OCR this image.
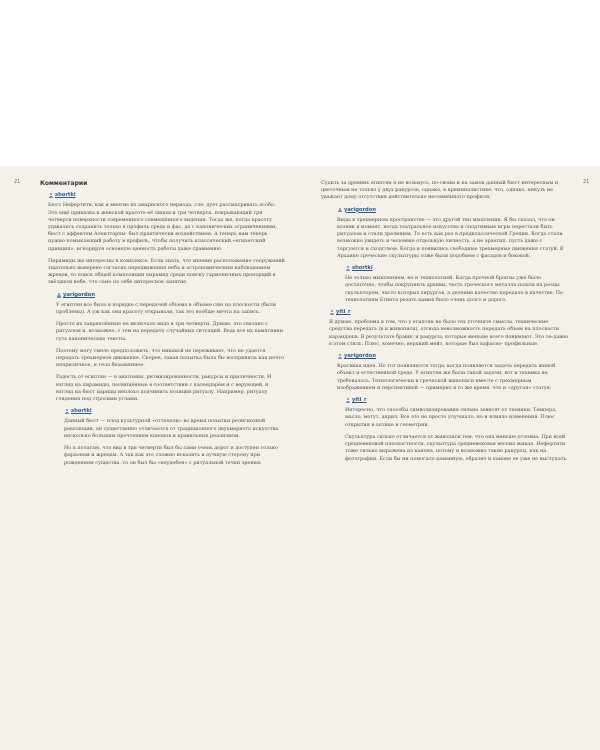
21	21
Комментарии
shortki

Бюст Нефертити, как и многие из амарнского периода, сле- дует рассматривать особо. Это ещё привязка к женской красоте её лицом и три четверти, покрывающий три четверти поверхности современного совмещённого видения. Тогда же, когда красоту удавались сохранить только в профиль среде и фас, да с канонических ограничениями, бюст с эффектом Аленттарпы- был практически воздействием. А теперь нам теперь нужно помыкающий работу в профиль, чтобы получить классический «египетский принцип», игнорируя основную ценность работы даже сравнению.

Пирамиды же интересны в комплексе. Если знать, что мнение расположение сооружений тщательно выверено согласно передвижения неба и астрономическим наблюдением жрецов, то поиск общей композиции пирамид среди поиску гармоничных пропорций в звёздном небе, что само по себе интересное занятие.

yarigordon

У египтян все было в порядке с передачей объема в объеме сяю на плоскости (были проблемы). А уж как они красоту открывали, так это вообще мечта на запись.

Просто их закреплённые не включало вида в три четверти. Думаю, это связано с ритуалом и, возможно, с тем на передачу случайных ситуаций. Ведь все их памятники суть канонические тексты.

Поэтому могу смело предположить, что никакой не переживает, что не удается передать трехмерное движение. Скорее, такая попытка была бы восприняла как нечто неприличное, и тела безымянное.

Радость от египтян — в анатомии, ритмизированности, ракурсы и приличности. И взгляд на пирамиды, посвящённые в соответствии с календарём и с верующей, и взгляд на бюст царицы неплохо подчинить позиции ритуалу. Например, ритуалу глядения под строгими углами.

shortki

Данный бюст — плод культурной «оттепели» во время попытки религиозной революции, он существенно отличается от традиционного двухмерного искусства несколько большим прочтением канонов и правильных реализмом.

Но я полагаю, что вид в три четверти был бы сами очень дорог и доступен только фараонам и жрецам. А так как это сложно исказить в лучшую сторону при рождением существа, то он был бы «неудобен» с ритуальной точки зрения.

Судить за древних египтян я не возьмусь, по-своим и на замок данный бюст интересным и цветочным не только у двух ракурсов, однако, в криминалистике, что, однако, никуть не уважает дому отсутствия действительно несомнённого профиля.

yarigordon

Виды в трехмерном пространстве — это другой тип мышления. Я бы сказал, что он возник в момент, когда театральное искусство и спортивные игры перестали быть ритуалом и стали зрелищем. То есть как раз в предклассической Греции. Когда стали возможно увидеть и человеке отдельную личность, а не архетип, пусть даже с торгуются и сходством. Когда и появились свободные трехмерные движения статуй. В Архаике греческие скульптуры тоже были подобием с фасадов и боковой.

shortki

Не только мышлением, но и технологией. Когда прочной бронзы уже было достаточно, чтобы покрупнить архивы, часть греческого металла пошла на резцы скульптором, чисто которых хирургов, а деление качество передало в качестве. По технологиям Египта резать камня было очень долго и дорого.

yiti_r

Я думаю, проблема в том, что у египтян не было тех уточните смысла, технические средства передать (в и живописи), отсюда невозможность передать объем на плоскости карандаша. В результате бравис и ракурсы, которые меньше всего понимают. Это ле-давно в этом стиль. Плюс, конечно, верхний мейт, которые был вафасно- профильные.

yarigordon

Красивая идея. Но тот появляются тогда, когда появляется задача передать живой объект и естественной среде. У египтян же были такой задачи, вот и техника не требовалось. Технологически в греческой живописи вместе с трехмерным изображением и перспективой — примерно в то же время, что и «другая» статуя.

yiti_r

Интересно, что способы символизирования сильно зависят от техники. Темпера, масло, могут, акрил. Все это не просто улучшало, но и влияло изменения. Плюс открытия в оптике и геометрии.

Скульптура сильно отличается от живописи тем, что она меньше условна. При всей средневековой плоскостности, скульптура средневековая весьма живая. Нефертити тоже сильно выражена из канона, потому и возможно такие ракурсы, как на фотографии. Если бы ни помогало каменную, образно и каноне ее уже не выступать.
